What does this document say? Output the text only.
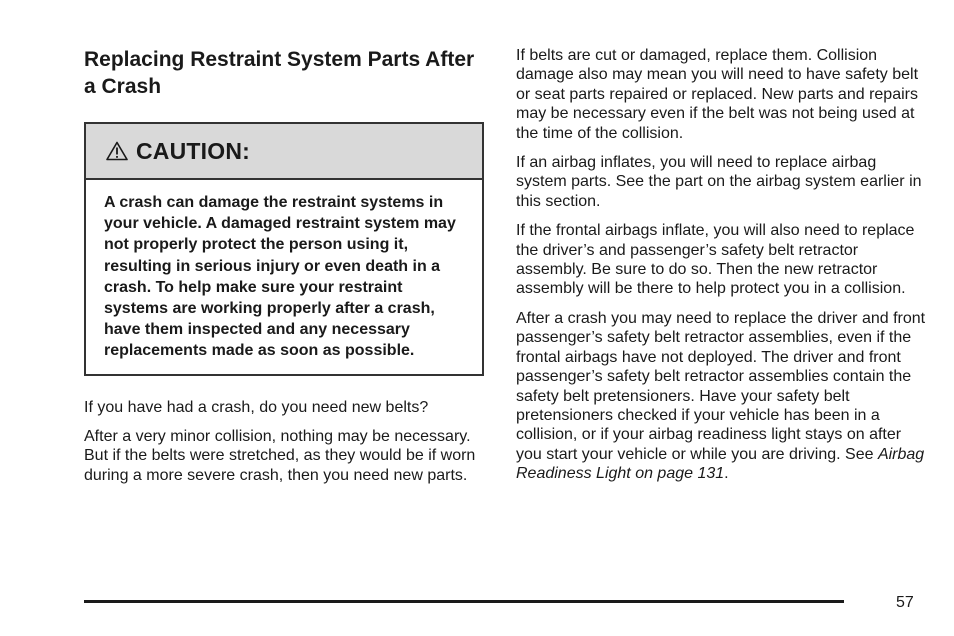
Replacing Restraint System Parts After a Crash
CAUTION:
A crash can damage the restraint systems in your vehicle. A damaged restraint system may not properly protect the person using it, resulting in serious injury or even death in a crash. To help make sure your restraint systems are working properly after a crash, have them inspected and any necessary replacements made as soon as possible.

If you have had a crash, do you need new belts?

After a very minor collision, nothing may be necessary. But if the belts were stretched, as they would be if worn during a more severe crash, then you need new parts.

If belts are cut or damaged, replace them. Collision damage also may mean you will need to have safety belt or seat parts repaired or replaced. New parts and repairs may be necessary even if the belt was not being used at the time of the collision.

If an airbag inflates, you will need to replace airbag system parts. See the part on the airbag system earlier in this section.

If the frontal airbags inflate, you will also need to replace the driver’s and passenger’s safety belt retractor assembly. Be sure to do so. Then the new retractor assembly will be there to help protect you in a collision.

After a crash you may need to replace the driver and front passenger’s safety belt retractor assemblies, even if the frontal airbags have not deployed. The driver and front passenger’s safety belt retractor assemblies contain the safety belt pretensioners. Have your safety belt pretensioners checked if your vehicle has been in a collision, or if your airbag readiness light stays on after you start your vehicle or while you are driving. See Airbag Readiness Light on page 131.

57
